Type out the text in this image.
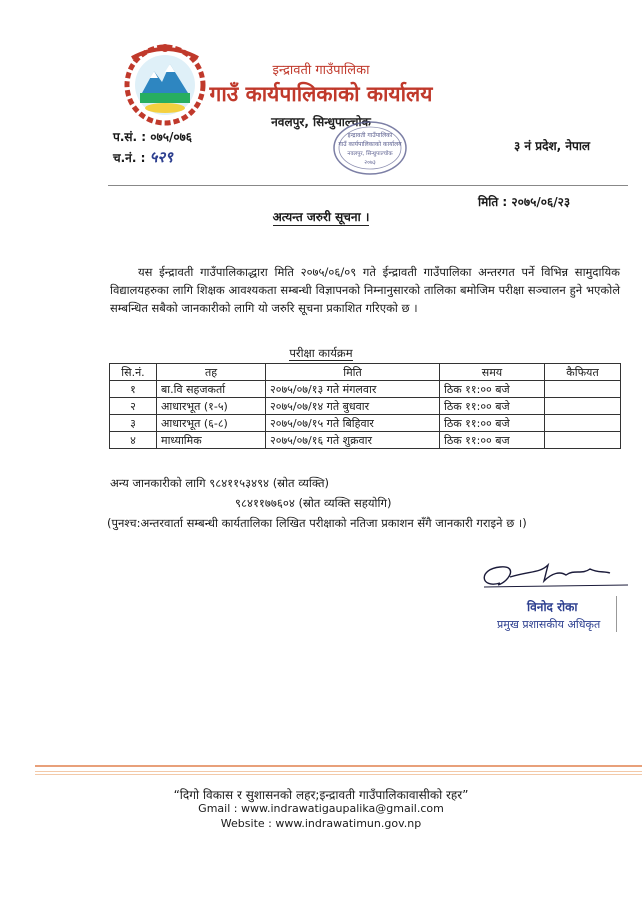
इन्द्रावती गाउँपालिका
गाउँ कार्यपालिकाको कार्यालय
नवलपुर, सिन्धुपाल्चोक
प.सं. : ०७५/०७६
च.नं. : ५२९
३ नं प्रदेश, नेपाल
इन्द्रावती गाउँपालिका
गाउँ कार्यपालिकाको कार्यालय
नवलपुर, सिन्धुपाल्चोक
२०७३
मिति : २०७५/०६/२३
अत्यन्त जरुरी सूचना ।
यस ईन्द्रावती गाउँपालिकाद्धारा मिति २०७५/०६/०९ गते ईन्द्रावती गाउँपालिका अन्तरगत पर्ने विभिन्न सामुदायिक विद्यालयहरुका लागि शिक्षक आवश्यकता सम्बन्धी विज्ञापनको निम्नानुसारको तालिका बमोजिम परीक्षा सञ्चालन हुने भएकोले सम्बन्धित सबैको जानकारीको लागि यो जरुरि सूचना प्रकाशित गरिएको छ ।
परीक्षा कार्यक्रम
सि.नं.	तह	मिति	समय	कैफियत
१	बा.वि सहजकर्ता	२०७५/०७/१३ गते मंगलवार	ठिक ११:०० बजे	
२	आधारभूत (१-५)	२०७५/०७/१४ गते बुधवार	ठिक ११:०० बजे	
३	आधारभूत (६-८)	२०७५/०७/१५ गते बिहिवार	ठिक ११:०० बजे	
४	माध्यामिक	२०७५/०७/१६ गते शुक्रवार	ठिक ११:०० बज	
अन्य जानकारीको लागि ९८४११५३४९४ (स्रोत व्यक्ति)
९८४११७७६०४ (स्रोत व्यक्ति सहयोगि)
(पुनश्च:अन्तरवार्ता सम्बन्धी कार्यतालिका लिखित परीक्षाको नतिजा प्रकाशन सँगै जानकारी गराइने छ ।)
विनोद रोका
प्रमुख प्रशासकीय अधिकृत
“दिगो विकास र सुशासनको लहर;इन्द्रावती गाउँपालिकावासीको रहर”
Gmail : www.indrawatigaupalika@gmail.com
Website : www.indrawatimun.gov.np
